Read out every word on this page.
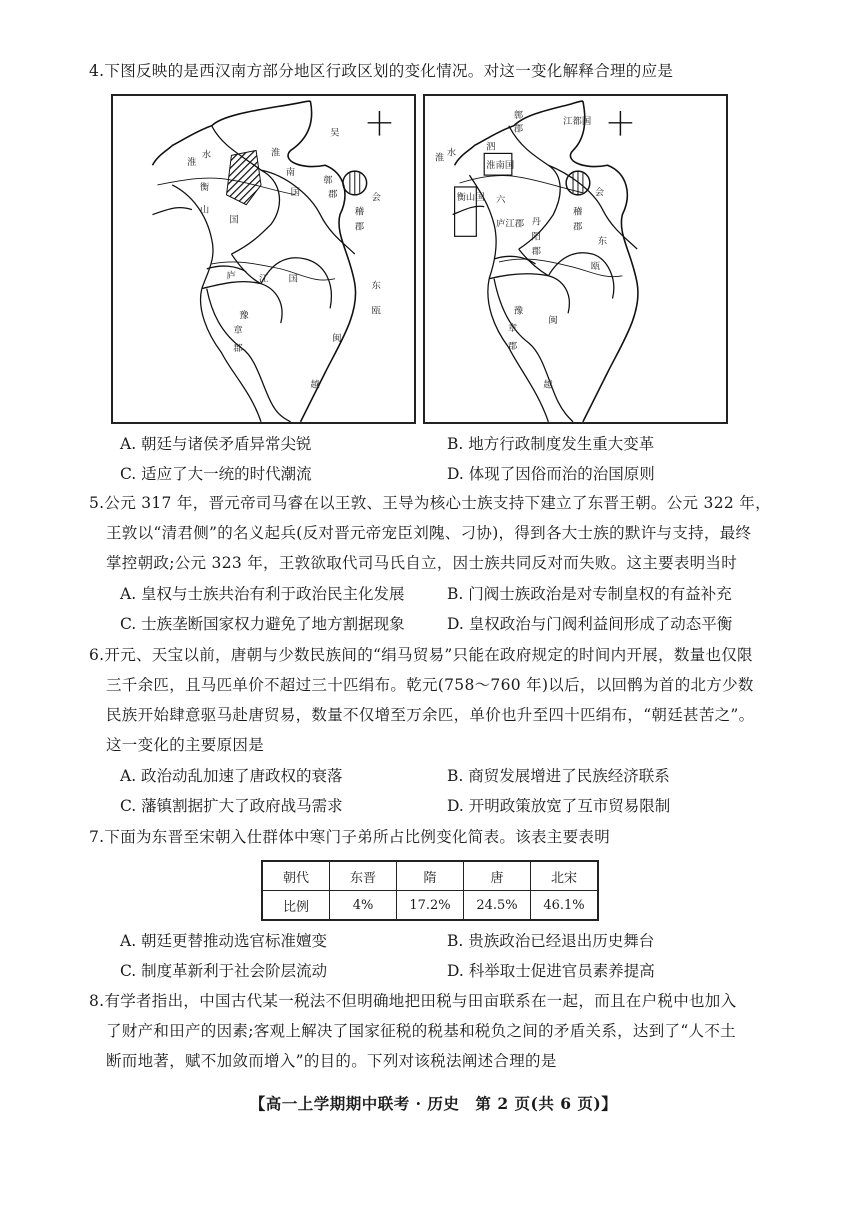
4.下图反映的是西汉南方部分地区行政区划的变化情况。对这一变化解释合理的应是
吴
淮
南
国
淮
水
衡
山
国
鄣
郡	会
稽
郡
庐 江 国
豫
章
郡
东
瓯
闽
越
江都国
鄣
郡
淮 水
泗
淮南国
衡山国 六
庐江郡 丹
阳
郡
会
稽
郡
豫
章
郡
东
瓯
闽
越
A. 朝廷与诸侯矛盾异常尖锐	B. 地方行政制度发生重大变革
C. 适应了大一统的时代潮流	D. 体现了因俗而治的治国原则
5.公元 317 年，晋元帝司马睿在以王敦、王导为核心士族支持下建立了东晋王朝。公元 322 年，
王敦以“清君侧”的名义起兵(反对晋元帝宠臣刘隗、刁协)，得到各大士族的默许与支持，最终
掌控朝政;公元 323 年，王敦欲取代司马氏自立，因士族共同反对而失败。这主要表明当时
A. 皇权与士族共治有利于政治民主化发展	B. 门阀士族政治是对专制皇权的有益补充
C. 士族垄断国家权力避免了地方割据现象	D. 皇权政治与门阀利益间形成了动态平衡
6.开元、天宝以前，唐朝与少数民族间的“绢马贸易”只能在政府规定的时间内开展，数量也仅限
三千余匹，且马匹单价不超过三十匹绢布。乾元(758～760 年)以后，以回鹘为首的北方少数
民族开始肆意驱马赴唐贸易，数量不仅增至万余匹，单价也升至四十匹绢布，“朝廷甚苦之”。
这一变化的主要原因是
A. 政治动乱加速了唐政权的衰落	B. 商贸发展增进了民族经济联系
C. 藩镇割据扩大了政府战马需求	D. 开明政策放宽了互市贸易限制
7.下面为东晋至宋朝入仕群体中寒门子弟所占比例变化简表。该表主要表明
朝代	东晋	隋	唐	北宋
比例	4%	17.2%	24.5%	46.1%
A. 朝廷更替推动选官标准嬗变	B. 贵族政治已经退出历史舞台
C. 制度革新利于社会阶层流动	D. 科举取士促进官员素养提高
8.有学者指出，中国古代某一税法不但明确地把田税与田亩联系在一起，而且在户税中也加入
了财产和田产的因素;客观上解决了国家征税的税基和税负之间的矛盾关系，达到了“人不土
断而地著，赋不加敛而增入”的目的。下列对该税法阐述合理的是
【高一上学期期中联考 · 历史　第 2 页(共 6 页)】
